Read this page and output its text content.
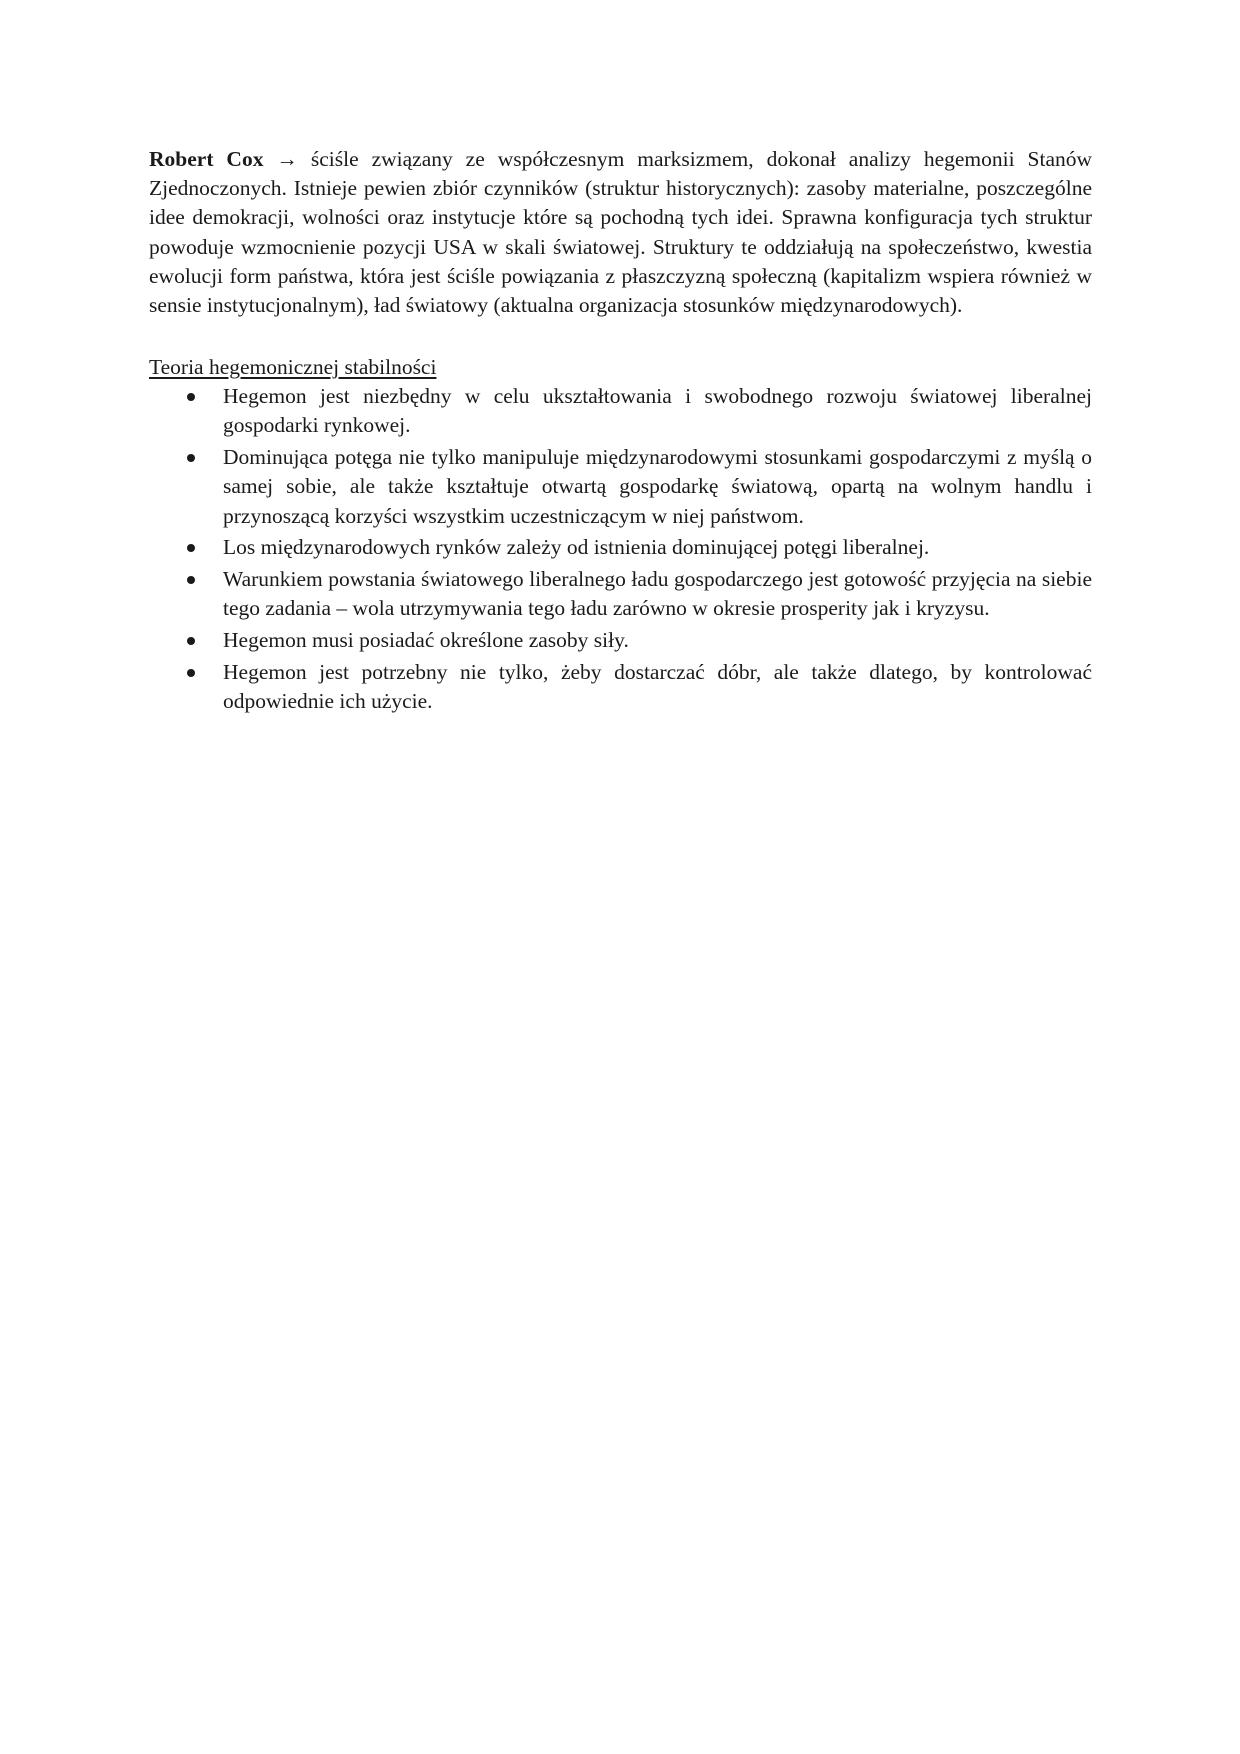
Robert Cox → ściśle związany ze współczesnym marksizmem, dokonał analizy hegemonii Stanów Zjednoczonych. Istnieje pewien zbiór czynników (struktur historycznych): zasoby materialne, poszczególne idee demokracji, wolności oraz instytucje które są pochodną tych idei. Sprawna konfiguracja tych struktur powoduje wzmocnienie pozycji USA w skali światowej. Struktury te oddziałują na społeczeństwo, kwestia ewolucji form państwa, która jest ściśle powiązania z płaszczyzną społeczną (kapitalizm wspiera również w sensie instytucjonalnym), ład światowy (aktualna organizacja stosunków międzynarodowych).

Teoria hegemonicznej stabilności
Hegemon jest niezbędny w celu ukształtowania i swobodnego rozwoju światowej liberalnej gospodarki rynkowej.
Dominująca potęga nie tylko manipuluje międzynarodowymi stosunkami gospodarczymi z myślą o samej sobie, ale także kształtuje otwartą gospodarkę światową, opartą na wolnym handlu i przynoszącą korzyści wszystkim uczestniczącym w niej państwom.
Los międzynarodowych rynków zależy od istnienia dominującej potęgi liberalnej.
Warunkiem powstania światowego liberalnego ładu gospodarczego jest gotowość przyjęcia na siebie tego zadania – wola utrzymywania tego ładu zarówno w okresie prosperity jak i kryzysu.
Hegemon musi posiadać określone zasoby siły.
Hegemon jest potrzebny nie tylko, żeby dostarczać dóbr, ale także dlatego, by kontrolować odpowiednie ich użycie.
